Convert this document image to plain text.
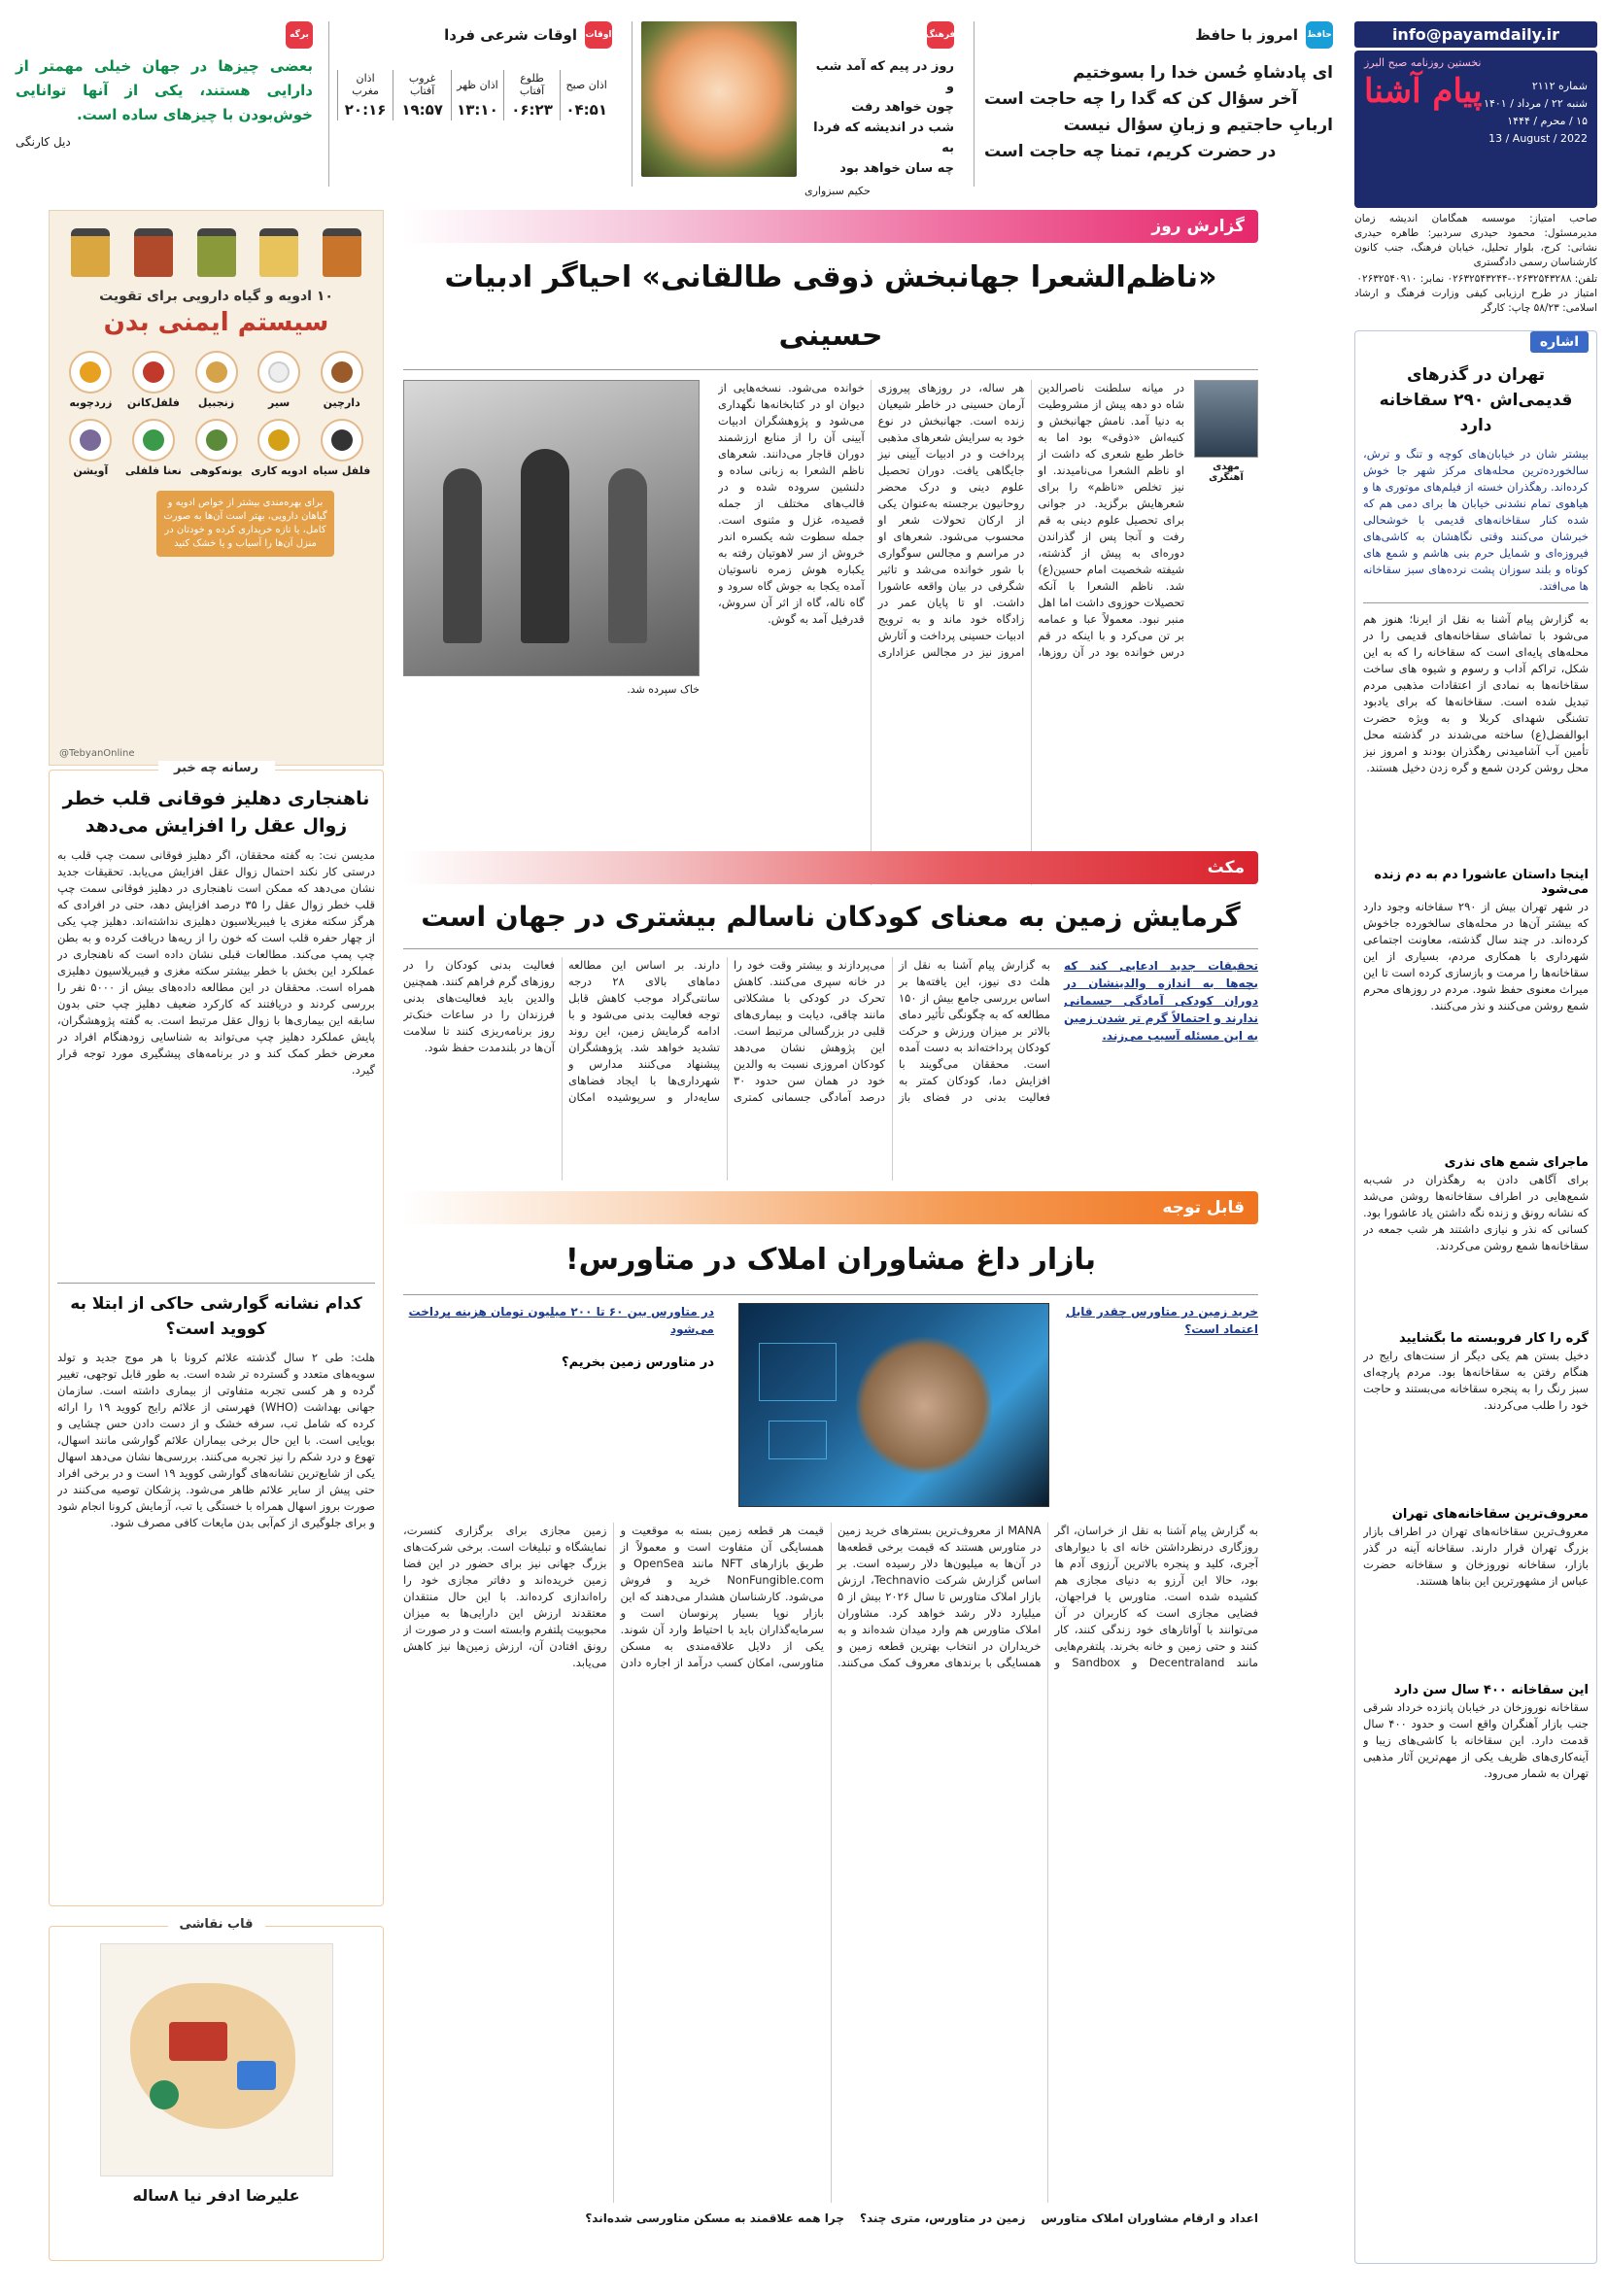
info@payamdaily.ir
نخستین روزنامه صبح البرز
پیام آشنا	شماره ۲۱۱۲
شنبه ۲۲ / مرداد / ۱۴۰۱
۱۵ / محرم / ۱۴۴۴
13 / August / 2022
صاحب امتیاز: موسسه همگامان اندیشه زمان مدیرمسئول: محمود حیدری سردبیر: طاهره حیدری نشانی: کرج، بلوار تحلیل، خیابان فرهنگ، جنب کانون کارشناسان رسمی دادگستری
تلفن: ۰۲۶۳۲۵۴۳۲۸۸-۰۲۶۳۲۵۴۳۲۴۴ نمابر: ۰۲۶۳۲۵۴۰۹۱۰
امتیاز در طرح ارزیابی کیفی وزارت فرهنگ و ارشاد اسلامی: ۵۸/۲۳ چاپ: کارگر
حافظ
امروز با حافظ
ای پادشاهِ حُسن خدا را بسوختیم
آخر سؤال کن که گدا را چه حاجت است
اربابِ حاجتیم و زبانِ سؤال نیست
در حضرت کریم، تمنا چه حاجت است
فرهنگ
روز در پیم که آمد شب و
چون خواهد رفت
شب در اندیشه که فردا به
چه سان خواهد بود
حکیم سبزواری
اوقات
اوقات شرعی فردا
اذان صبح	طلوع آفتاب	اذان ظهر	غروب آفتاب	اذان مغرب
۰۴:۵۱	۰۶:۲۳	۱۳:۱۰	۱۹:۵۷	۲۰:۱۶
برگه
بعضی چیزها در جهان خیلی مهمتر از دارایی هستند، یکی از آنها توانایی خوش‌بودن با چیزهای ساده است.
دیل کارنگی
۱۰ ادویه و گیاه دارویی برای تقویت
سیستم ایمنی بدن
دارچین
سیر
زنجبیل
فلفل‌کانن
زردچوبه
فلفل سیاه
ادویه کاری
یونه‌کوهی
نعنا فلفلی
آویشن
برای بهره‌مندی بیشتر از خواص ادویه و گیاهان دارویی، بهتر است آن‌ها به صورت کامل، یا تازه خریداری کرده و خودتان در منزل آن‌ها را آسیاب و یا خشک کنید
@TebyanOnline
رسانه چه خبر
ناهنجاری دهلیز فوقانی قلب خطر زوال عقل را افزایش می‌دهد
مدیسن نت: به گفته محققان، اگر دهلیز فوقانی سمت چپ قلب به درستی کار نکند احتمال زوال عقل افزایش می‌یابد. تحقیقات جدید نشان می‌دهد که ممکن است ناهنجاری در دهلیز فوقانی سمت چپ قلب خطر زوال عقل را ۳۵ درصد افزایش دهد، حتی در افرادی که هرگز سکته مغزی یا فیبریلاسیون دهلیزی نداشته‌اند. دهلیز چپ یکی از چهار حفره قلب است که خون را از ریه‌ها دریافت کرده و به بطن چپ پمپ می‌کند. مطالعات قبلی نشان داده است که ناهنجاری در عملکرد این بخش با خطر بیشتر سکته مغزی و فیبریلاسیون دهلیزی همراه است. محققان در این مطالعه داده‌های بیش از ۵۰۰۰ نفر را بررسی کردند و دریافتند که کارکرد ضعیف دهلیز چپ حتی بدون سابقه این بیماری‌ها با زوال عقل مرتبط است. به گفته پژوهشگران، پایش عملکرد دهلیز چپ می‌تواند به شناسایی زودهنگام افراد در معرض خطر کمک کند و در برنامه‌های پیشگیری مورد توجه قرار گیرد.
کدام نشانه گوارشی حاکی از ابتلا به کووید است؟
هلث: طی ۲ سال گذشته علائم کرونا با هر موج جدید و تولد سویه‌های متعدد و گسترده تر شده است. به طور قابل توجهی، تغییر گرده و هر کسی تجربه متفاوتی از بیماری داشته است. سازمان جهانی بهداشت (WHO) فهرستی از علائم رایج کووید ۱۹ را ارائه کرده که شامل تب، سرفه خشک و از دست دادن حس چشایی و بویایی است. با این حال برخی بیماران علائم گوارشی مانند اسهال، تهوع و درد شکم را نیز تجربه می‌کنند. بررسی‌ها نشان می‌دهد اسهال یکی از شایع‌ترین نشانه‌های گوارشی کووید ۱۹ است و در برخی افراد حتی پیش از سایر علائم ظاهر می‌شود. پزشکان توصیه می‌کنند در صورت بروز اسهال همراه با خستگی یا تب، آزمایش کرونا انجام شود و برای جلوگیری از کم‌آبی بدن مایعات کافی مصرف شود.
قاب نقاشی
علیرضا ادفر نیا ۸ساله
گزارش روز
«ناظم‌الشعرا جهانبخش ذوقی طالقانی» احیاگر ادبیات حسینی
مهدی آهنگری
در میانه سلطنت ناصرالدین شاه دو دهه پیش از مشروطیت به دنیا آمد. نامش جهانبخش و کنیه‌اش «ذوقی» بود اما به خاطر طبع شعری که داشت از او ناظم الشعرا می‌نامیدند. او نیز تخلص «ناظم» را برای شعرهایش برگزید. در جوانی برای تحصیل علوم دینی به قم رفت و آنجا پس از گذراندن دوره‌ای به پیش از گذشته، شیفته شخصیت امام حسین(ع) شد. ناظم الشعرا با آنکه تحصیلات حوزوی داشت اما اهل منبر نبود. معمولاً عبا و عمامه بر تن می‌کرد و با اینکه در قم درس خوانده بود در آن روزها، هر ساله، در روزهای پیروزی آرمان حسینی در خاطر شیعیان زنده است. جهانبخش در نوع خود به سرایش شعرهای مذهبی پرداخت و در ادبیات آیینی نیز جایگاهی یافت. دوران تحصیل علوم دینی و درک محضر روحانیون برجسته به‌عنوان یکی از ارکان تحولات شعر او محسوب می‌شود. شعرهای او در مراسم و مجالس سوگواری با شور خوانده می‌شد و تاثیر شگرفی در بیان واقعه عاشورا داشت. او تا پایان عمر در زادگاه خود ماند و به ترویج ادبیات حسینی پرداخت و آثارش امروز نیز در مجالس عزاداری خوانده می‌شود. نسخه‌هایی از دیوان او در کتابخانه‌ها نگهداری می‌شود و پژوهشگران ادبیات آیینی آن را از منابع ارزشمند دوران قاجار می‌دانند. شعرهای ناظم الشعرا به زبانی ساده و دلنشین سروده شده و در قالب‌های مختلف از جمله قصیده، غزل و مثنوی است. جمله سطوت شه یکسره اندر خروش از سر لاهوتیان رفته به یکباره هوش زمره ناسوتیان آمده یکجا به جوش گاه سرود و گاه ناله، گاه از اثر آن سروش، قدرفیل آمد به گوش.
خاک سپرده شد.
مکث
گرمایش زمین به معنای کودکان ناسالم بیشتری در جهان است
تحقیقات جدید ادعایی کند که بچه‌ها به اندازه والدینشان در دوران کودکی آمادگی جسمانی ندارند و احتمالاً گرم تر شدن زمین به این مسئله آسیب می‌زند.
به گزارش پیام آشنا به نقل از هلث دی نیوز، این یافته‌ها بر اساس بررسی جامع بیش از ۱۵۰ مطالعه که به چگونگی تأثیر دمای بالاتر بر میزان ورزش و حرکت کودکان پرداخته‌اند به دست آمده است. محققان می‌گویند با افزایش دما، کودکان کمتر به فعالیت بدنی در فضای باز می‌پردازند و بیشتر وقت خود را در خانه سپری می‌کنند. کاهش تحرک در کودکی با مشکلاتی مانند چاقی، دیابت و بیماری‌های قلبی در بزرگسالی مرتبط است. این پژوهش نشان می‌دهد کودکان امروزی نسبت به والدین خود در همان سن حدود ۳۰ درصد آمادگی جسمانی کمتری دارند. بر اساس این مطالعه دماهای بالای ۲۸ درجه سانتی‌گراد موجب کاهش قابل توجه فعالیت بدنی می‌شود و با ادامه گرمایش زمین، این روند تشدید خواهد شد. پژوهشگران پیشنهاد می‌کنند مدارس و شهرداری‌ها با ایجاد فضاهای سایه‌دار و سرپوشیده امکان فعالیت بدنی کودکان را در روزهای گرم فراهم کنند. همچنین والدین باید فعالیت‌های بدنی فرزندان را در ساعات خنک‌تر روز برنامه‌ریزی کنند تا سلامت آن‌ها در بلندمدت حفظ شود.
قابل توجه
بازار داغ مشاوران املاک در متاورس!
خرید زمین در متاورس چقدر قابل اعتماد است؟
در متاورس بین ۶۰ تا ۲۰۰ میلیون تومان هزینه پرداخت می‌شود
در متاورس زمین بخریم؟
به گزارش پیام آشنا به نقل از خراسان، اگر روزگاری درنظرداشتن خانه ای با دیوارهای آجری، کلید و پنجره بالاترین آرزوی آدم ها بود، حالا این آرزو به دنیای مجازی هم کشیده شده است. متاورس یا فراجهان، فضایی مجازی است که کاربران در آن می‌توانند با آواتارهای خود زندگی کنند، کار کنند و حتی زمین و خانه بخرند. پلتفرم‌هایی مانند Decentraland و Sandbox و MANA از معروف‌ترین بسترهای خرید زمین در متاورس هستند که قیمت برخی قطعه‌ها در آن‌ها به میلیون‌ها دلار رسیده است. بر اساس گزارش شرکت Technavio، ارزش بازار املاک متاورس تا سال ۲۰۲۶ بیش از ۵ میلیارد دلار رشد خواهد کرد. مشاوران املاک متاورس هم وارد میدان شده‌اند و به خریداران در انتخاب بهترین قطعه زمین و همسایگی با برندهای معروف کمک می‌کنند. قیمت هر قطعه زمین بسته به موقعیت و همسایگی آن متفاوت است و معمولاً از طریق بازارهای NFT مانند OpenSea و NonFungible.com خرید و فروش می‌شود. کارشناسان هشدار می‌دهند که این بازار نوپا بسیار پرنوسان است و سرمایه‌گذاران باید با احتیاط وارد آن شوند. یکی از دلایل علاقه‌مندی به مسکن متاورسی، امکان کسب درآمد از اجاره دادن زمین مجازی برای برگزاری کنسرت، نمایشگاه و تبلیغات است. برخی شرکت‌های بزرگ جهانی نیز برای حضور در این فضا زمین خریده‌اند و دفاتر مجازی خود را راه‌اندازی کرده‌اند. با این حال منتقدان معتقدند ارزش این دارایی‌ها به میزان محبوبیت پلتفرم وابسته است و در صورت از رونق افتادن آن، ارزش زمین‌ها نیز کاهش می‌یابد.
اعداد و ارقام مشاوران املاک متاورس
زمین در متاورس، متری چند؟
چرا همه علاقمند به مسکن متاورسی شده‌اند؟
اشاره
تهران در گذرهای قدیمی‌اش ۲۹۰ سقاخانه دارد
بیشتر شان در خیابان‌های کوچه و تنگ و ترش، سالخورده‌ترین محله‌های مرکز شهر جا خوش کرده‌اند. رهگذران خسته از فیلم‌های موتوری ها و هیاهوی تمام نشدنی خیابان ها برای دمی هم که شده کنار سقاخانه‌های قدیمی با خوشحالی خبرشان می‌کنند وقتی نگاهشان به کاشی‌های فیروزه‌ای و شمایل حرم بنی هاشم و شمع های کوتاه و بلند سوزان پشت نرده‌های سبز سقاخانه ها می‌افتد.
به گزارش پیام آشنا به نقل از ایرنا؛ هنوز هم می‌شود با تماشای سقاخانه‌های قدیمی را در محله‌های پایه‌ای است که سقاخانه را که به این شکل، تراکم آداب و رسوم و شیوه های ساخت سقاخانه‌ها به نمادی از اعتقادات مذهبی مردم تبدیل شده است. سقاخانه‌ها که برای یادبود تشنگی شهدای کربلا و به ویژه حضرت ابوالفضل(ع) ساخته می‌شدند در گذشته محل تأمین آب آشامیدنی رهگذران بودند و امروز نیز محل روشن کردن شمع و گره زدن دخیل هستند.
اینجا داستان عاشورا دم به دم زنده می‌شود
در شهر تهران بیش از ۲۹۰ سقاخانه وجود دارد که بیشتر آن‌ها در محله‌های سالخورده جاخوش کرده‌اند. در چند سال گذشته، معاونت اجتماعی شهرداری با همکاری مردم، بسیاری از این سقاخانه‌ها را مرمت و بازسازی کرده است تا این میراث معنوی حفظ شود. مردم در روزهای محرم شمع روشن می‌کنند و نذر می‌کنند.
ماجرای شمع های نذری
برای آگاهی دادن به رهگذران در شب‌به شمع‌هایی در اطراف سقاخانه‌ها روشن می‌شد که نشانه رونق و زنده نگه داشتن یاد عاشورا بود. کسانی که نذر و نیازی داشتند هر شب جمعه در سقاخانه‌ها شمع روشن می‌کردند.
گره را کار فروبسته ما بگشایید
دخیل بستن هم یکی دیگر از سنت‌های رایج در هنگام رفتن به سقاخانه‌ها بود. مردم پارچه‌ای سبز رنگ را به پنجره سقاخانه می‌بستند و حاجت خود را طلب می‌کردند.
معروف‌ترین سقاخانه‌های تهران
معروف‌ترین سقاخانه‌های تهران در اطراف بازار بزرگ تهران قرار دارند. سقاخانه آینه در گذر بازار، سقاخانه نوروزخان و سقاخانه حضرت عباس از مشهورترین این بناها هستند.
این سقاخانه ۴۰۰ سال سن دارد
سقاخانه نوروزخان در خیابان پانزده خرداد شرقی جنب بازار آهنگران واقع است و حدود ۴۰۰ سال قدمت دارد. این سقاخانه با کاشی‌های زیبا و آینه‌کاری‌های ظریف یکی از مهم‌ترین آثار مذهبی تهران به شمار می‌رود.
